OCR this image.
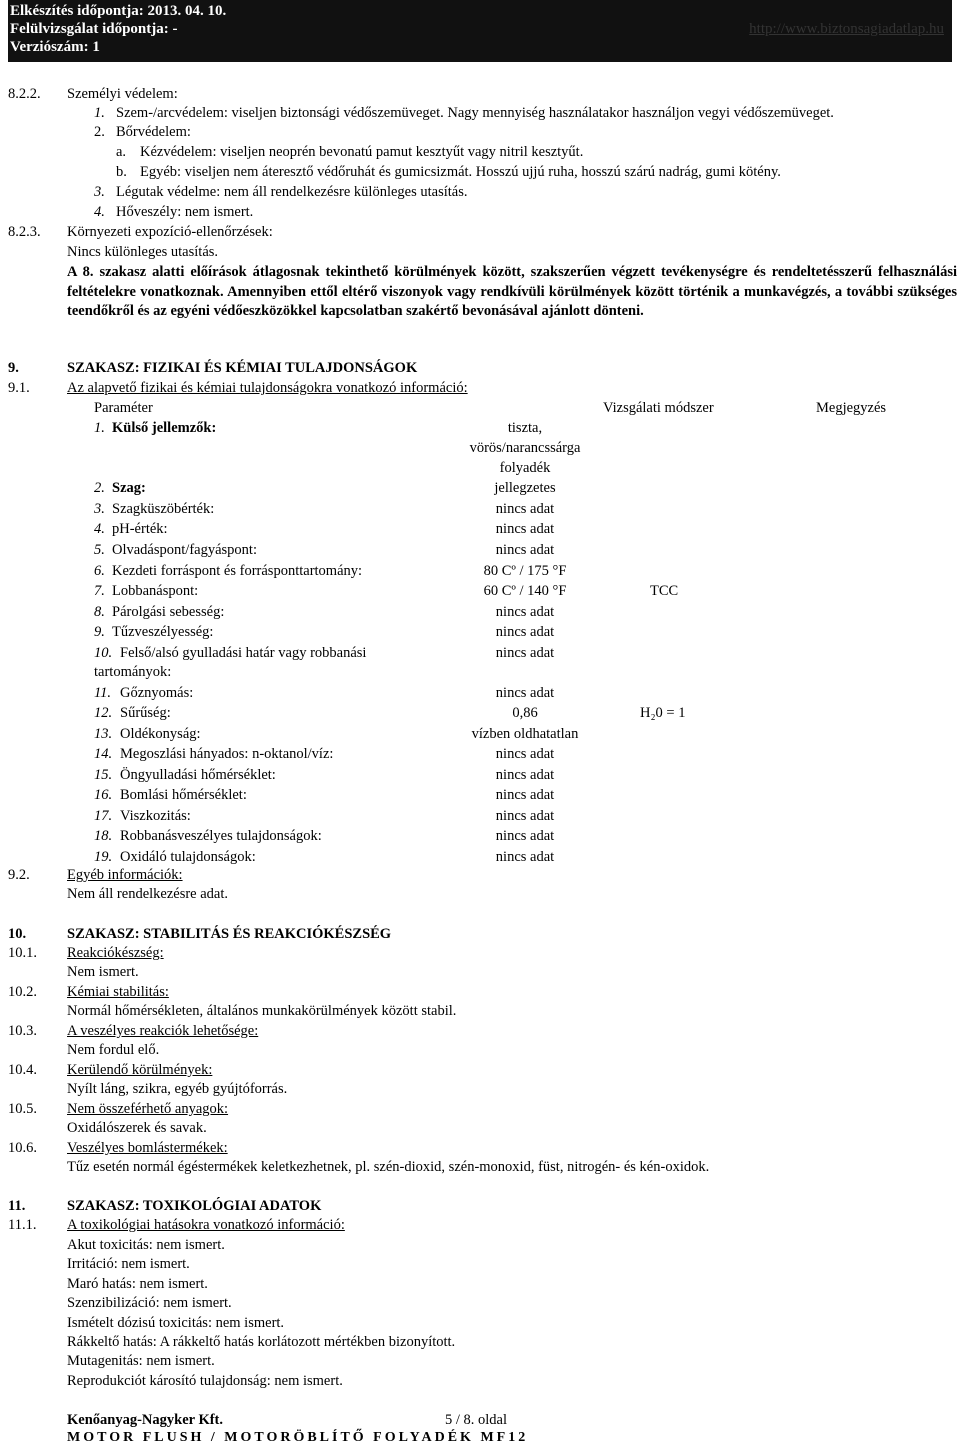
Elkészítés időpontja: 2013. 04. 10.
Felülvizsgálat időpontja: -
Verziószám: 1
http://www.biztonsagiadatlap.hu
8.2.2. Személyi védelem:
1. Szem-/arcvédelem: viseljen biztonsági védőszemüveget. Nagy mennyiség használatakor használjon vegyi védőszemüveget.
2. Bőrvédelem:
a. Kézvédelem: viseljen neoprén bevonatú pamut kesztyűt vagy nitril kesztyűt.
b. Egyéb: viseljen nem áteresztő védőruhát és gumicsizmát. Hosszú ujjú ruha, hosszú szárú nadrág, gumi kötény.
3. Légutak védelme: nem áll rendelkezésre különleges utasítás.
4. Hőveszély: nem ismert.
8.2.3. Környezeti expozíció-ellenőrzések:
Nincs különleges utasítás.
A 8. szakasz alatti előírások átlagosnak tekinthető körülmények között, szakszerűen végzett tevékenységre és rendeltetésszerű felhasználási feltételekre vonatkoznak. Amennyiben ettől eltérő viszonyok vagy rendkívüli körülmények között történik a munkavégzés, a további szükséges teendőkről és az egyéni védőeszközökkel kapcsolatban szakértő bevonásával ajánlott dönteni.
9.	SZAKASZ: FIZIKAI ÉS KÉMIAI TULAJDONSÁGOK
9.1.	Az alapvető fizikai és kémiai tulajdonságokra vonatkozó információ:
Paraméter	Vizsgálati módszer	Megjegyzés
1. Külső jellemzők:	tiszta,
vörös/narancssárga
folyadék
2. Szag:	jellegzetes
3. Szagküszöbérték:	nincs adat
4. pH-érték:	nincs adat
5. Olvadáspont/fagyáspont:	nincs adat
6. Kezdeti forráspont és forrásponttartomány:	80 Cº / 175 °F
7. Lobbanáspont:	60 Cº / 140 °F	TCC
8. Párolgási sebesség:	nincs adat
9. Tűzveszélyesség:	nincs adat
10. Felső/alsó gyulladási határ vagy robbanási	nincs adat
tartományok:
11. Gőznyomás:	nincs adat
12. Sűrűség:	0,86	H₂0 = 1
13. Oldékonyság:	vízben oldhatatlan
14. Megoszlási hányados: n-oktanol/víz:	nincs adat
15. Öngyulladási hőmérséklet:	nincs adat
16. Bomlási hőmérséklet:	nincs adat
17. Viszkozitás:	nincs adat
18. Robbanásveszélyes tulajdonságok:	nincs adat
19. Oxidáló tulajdonságok:	nincs adat
9.2.	Egyéb információk:
Nem áll rendelkezésre adat.
10.	SZAKASZ: STABILITÁS ÉS REAKCIÓKÉSZSÉG
10.1. Reakciókészség:
Nem ismert.
10.2. Kémiai stabilitás:
Normál hőmérsékleten, általános munkakörülmények között stabil.
10.3. A veszélyes reakciók lehetősége:
Nem fordul elő.
10.4. Kerülendő körülmények:
Nyílt láng, szikra, egyéb gyújtóforrás.
10.5. Nem összeférhető anyagok:
Oxidálószerek és savak.
10.6. Veszélyes bomlástermékek:
Tűz esetén normál égéstermékek keletkezhetnek, pl. szén-dioxid, szén-monoxid, füst, nitrogén- és kén-oxidok.
11.	SZAKASZ: TOXIKOLÓGIAI ADATOK
11.1. A toxikológiai hatásokra vonatkozó információ:
Akut toxicitás: nem ismert.
Irritáció: nem ismert.
Maró hatás: nem ismert.
Szenzibilizáció: nem ismert.
Ismételt dózisú toxicitás: nem ismert.
Rákkeltő hatás: A rákkeltő hatás korlátozott mértékben bizonyított.
Mutagenitás: nem ismert.
Reprodukciót károsító tulajdonság: nem ismert.
Kenőanyag-Nagyker Kft.	5 / 8. oldal
MOTOR FLUSH / MOTORÖBLÍTŐ FOLYADÉK MF12
